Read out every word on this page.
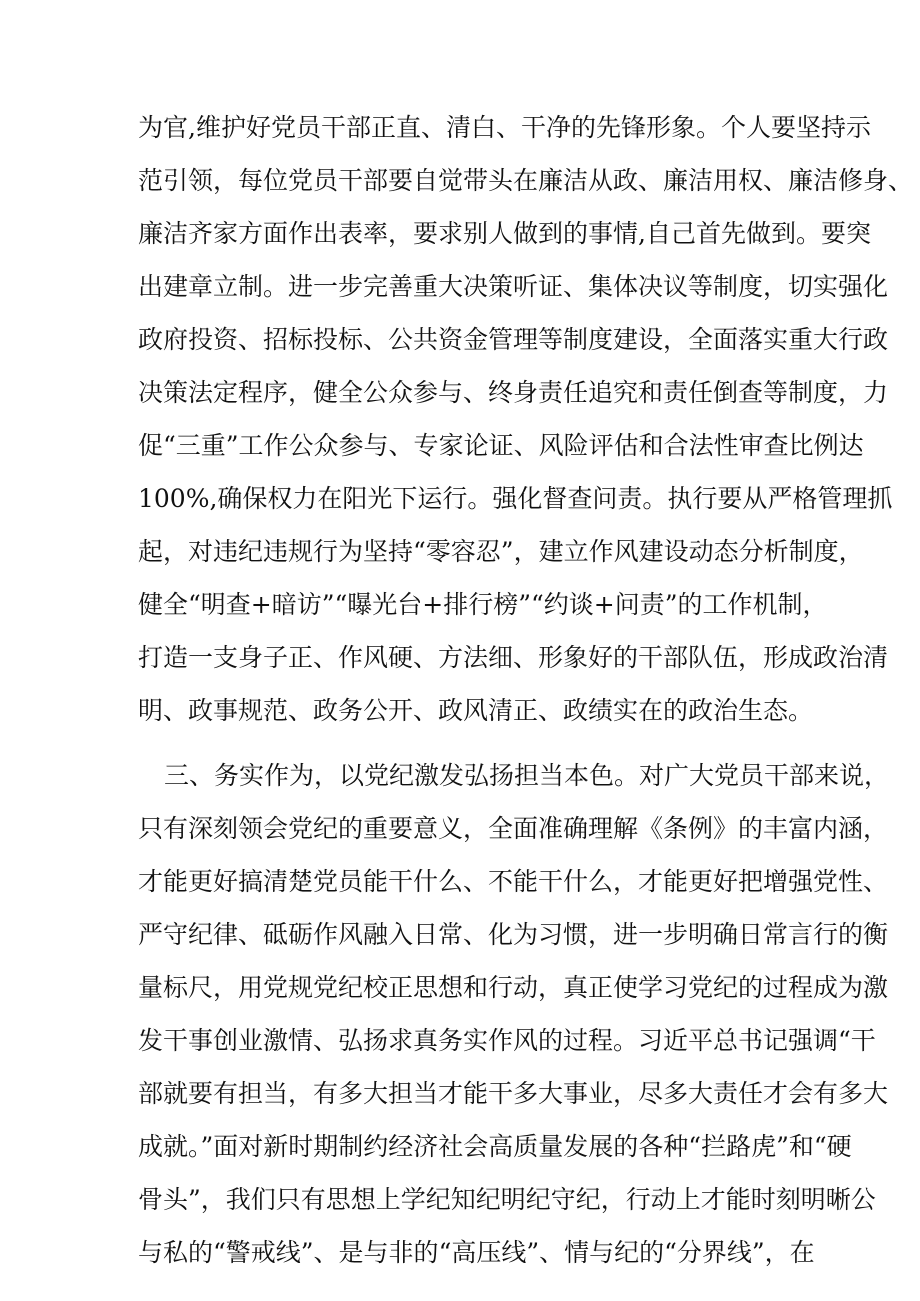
为官,维护好党员干部正直、清白、干净的先锋形象。个人要坚持示
范引领，每位党员干部要自觉带头在廉洁从政、廉洁用权、廉洁修身、
廉洁齐家方面作出表率，要求别人做到的事情,自己首先做到。要突
出建章立制。进一步完善重大决策听证、集体决议等制度，切实强化
政府投资、招标投标、公共资金管理等制度建设，全面落实重大行政
决策法定程序，健全公众参与、终身责任追究和责任倒查等制度，力
促“三重”工作公众参与、专家论证、风险评估和合法性审查比例达
100%,确保权力在阳光下运行。强化督查问责。执行要从严格管理抓
起，对违纪违规行为坚持“零容忍”，建立作风建设动态分析制度，
健全“明查+暗访”“曝光台+排行榜”“约谈+问责”的工作机制，
打造一支身子正、作风硬、方法细、形象好的干部队伍，形成政治清
明、政事规范、政务公开、政风清正、政绩实在的政治生态。
三、务实作为，以党纪激发弘扬担当本色。对广大党员干部来说，
只有深刻领会党纪的重要意义，全面准确理解《条例》的丰富内涵，
才能更好搞清楚党员能干什么、不能干什么，才能更好把增强党性、
严守纪律、砥砺作风融入日常、化为习惯，进一步明确日常言行的衡
量标尺，用党规党纪校正思想和行动，真正使学习党纪的过程成为激
发干事创业激情、弘扬求真务实作风的过程。习近平总书记强调“干
部就要有担当，有多大担当才能干多大事业，尽多大责任才会有多大
成就。”面对新时期制约经济社会高质量发展的各种“拦路虎”和“硬
骨头”，我们只有思想上学纪知纪明纪守纪，行动上才能时刻明晰公
与私的“警戒线”、是与非的“高压线”、情与纪的“分界线”，在
